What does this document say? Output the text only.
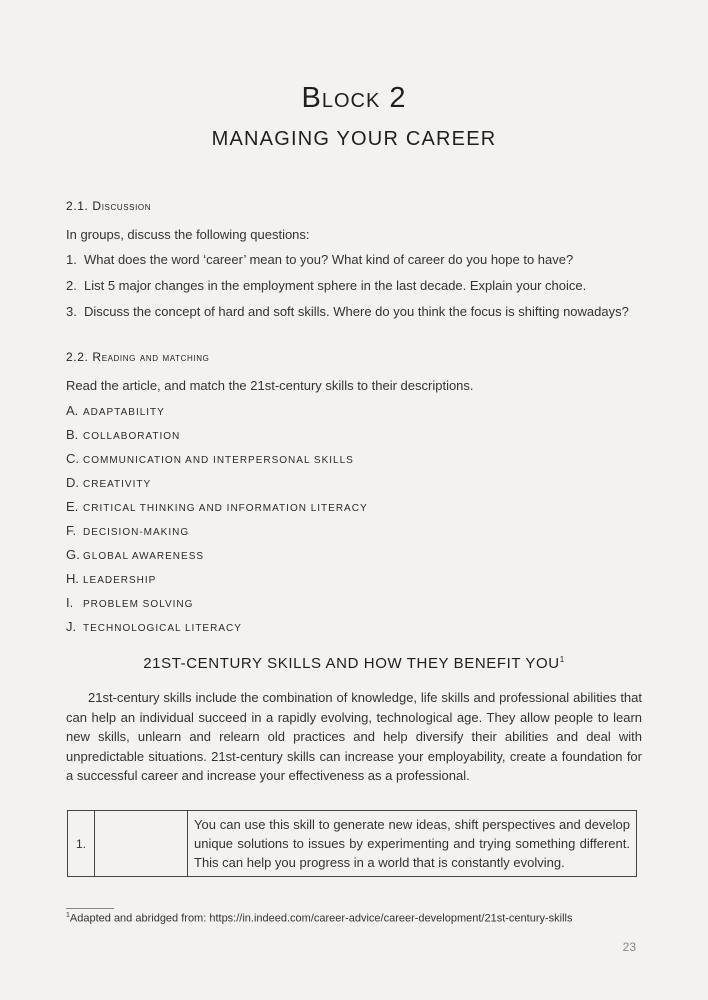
Block 2
MANAGING YOUR CAREER
2.1. Discussion
In groups, discuss the following questions:
1. What does the word ‘career’ mean to you? What kind of career do you hope to have?
2. List 5 major changes in the employment sphere in the last decade. Explain your choice.
3. Discuss the concept of hard and soft skills. Where do you think the focus is shifting nowadays?
2.2. Reading and matching
Read the article, and match the 21st-century skills to their descriptions.
A. ADAPTABILITY
B. COLLABORATION
C. COMMUNICATION AND INTERPERSONAL SKILLS
D. CREATIVITY
E. CRITICAL THINKING AND INFORMATION LITERACY
F. DECISION-MAKING
G. GLOBAL AWARENESS
H. LEADERSHIP
I. PROBLEM SOLVING
J. TECHNOLOGICAL LITERACY
21ST-CENTURY SKILLS AND HOW THEY BENEFIT YOU$^1$
21st-century skills include the combination of knowledge, life skills and professional abilities that can help an individual succeed in a rapidly evolving, technological age. They allow people to learn new skills, unlearn and relearn old practices and help diversify their abilities and deal with unpredictable situations. 21st-century skills can increase your employability, create a foundation for a successful career and increase your effectiveness as a professional.
1.		You can use this skill to generate new ideas, shift perspectives and develop unique solutions to issues by experimenting and trying something different. This can help you progress in a world that is constantly evolving.
$^1$Adapted and abridged from: https://in.indeed.com/career-advice/career-development/21st-century-skills
23
